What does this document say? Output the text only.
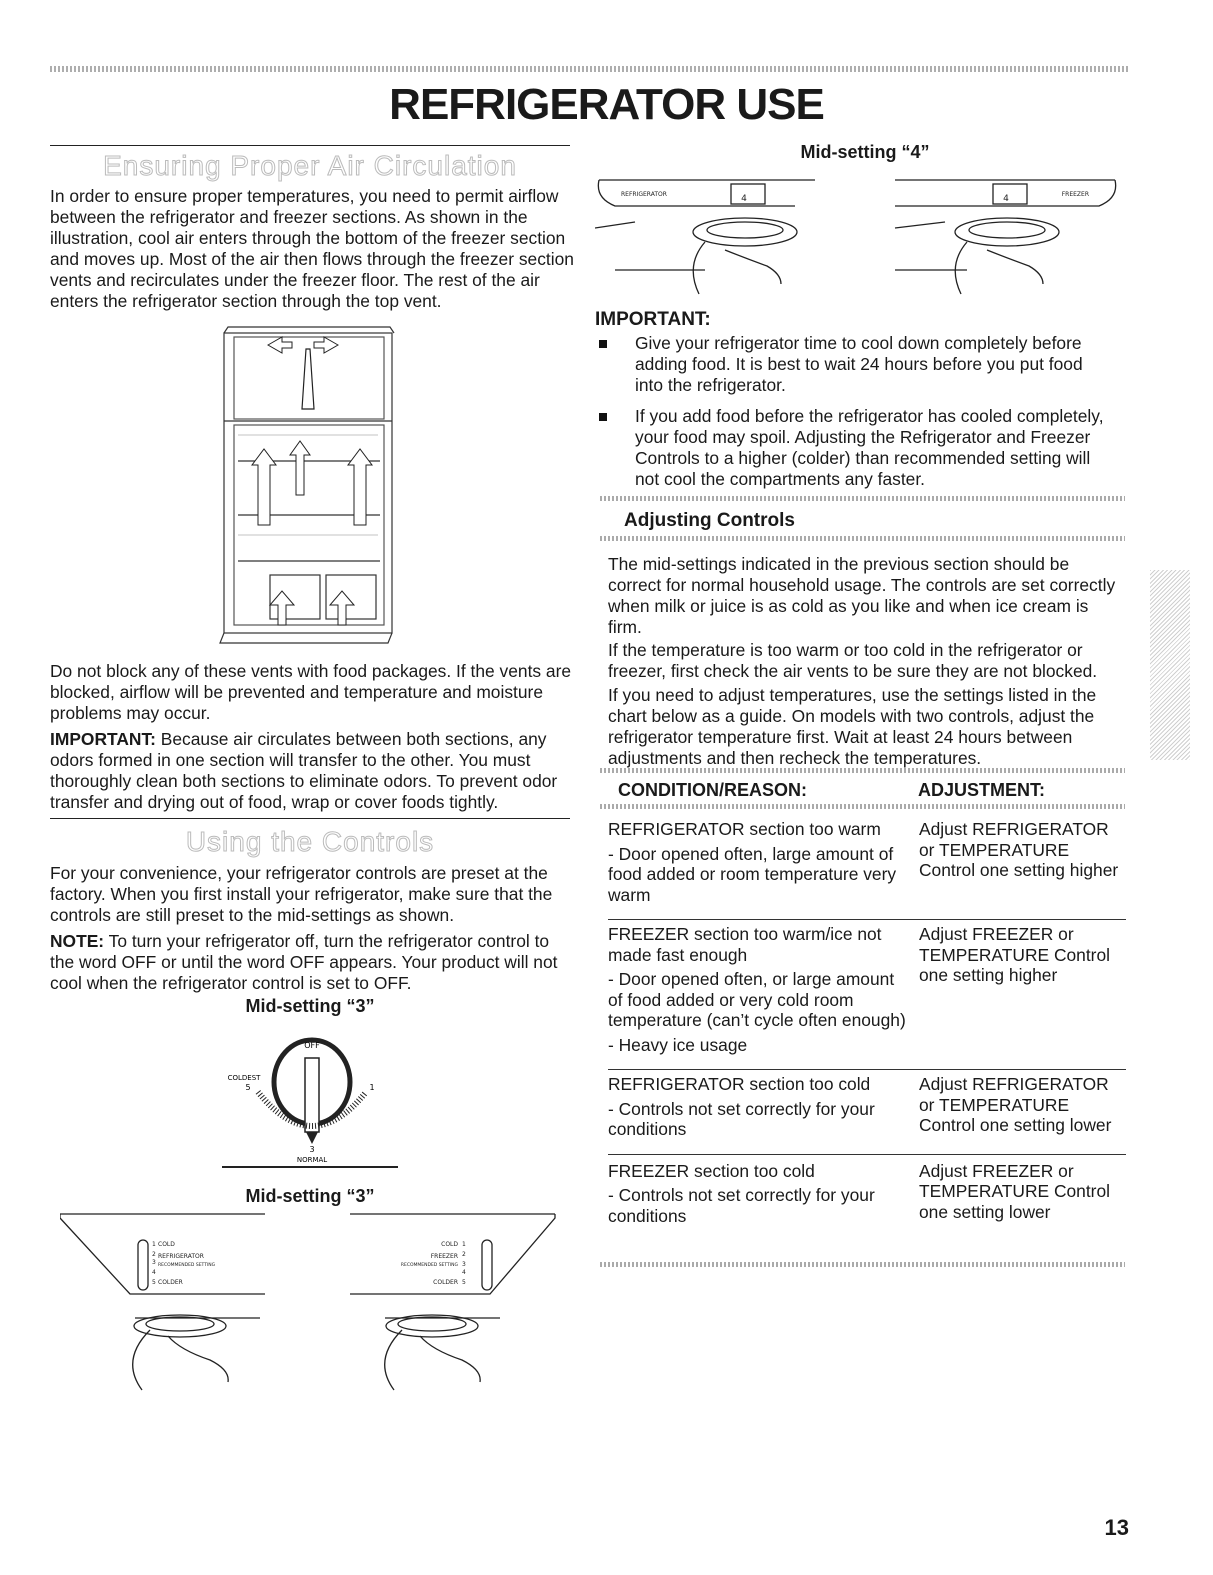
REFRIGERATOR USE
Ensuring Proper Air Circulation

In order to ensure proper temperatures, you need to permit airflow between the refrigerator and freezer sections. As shown in the illustration, cool air enters through the bottom of the freezer section and moves up. Most of the air then flows through the freezer section vents and recirculates under the freezer floor. The rest of the air enters the refrigerator section through the top vent.

Do not block any of these vents with food packages. If the vents are blocked, airflow will be prevented and temperature and moisture problems may occur.

IMPORTANT: Because air circulates between both sections, any odors formed in one section will transfer to the other. You must thoroughly clean both sections to eliminate odors. To prevent odor transfer and drying out of food, wrap or cover foods tightly.

Using the Controls

For your convenience, your refrigerator controls are preset at the factory. When you first install your refrigerator, make sure that the controls are still preset to the mid-settings as shown.

NOTE: To turn your refrigerator off, turn the refrigerator control to the word OFF or until the word OFF appears. Your product will not cool when the refrigerator control is set to OFF.

Mid-setting “3”
OFF
COLDEST
5	1
3
NORMAL
Mid-setting “3”
1 COLD
2 REFRIGERATOR
3 RECOMMENDED SETTING
4
5 COLDER
COLD 1
2
FREEZER
RECOMMENDED SETTING 3
4
COLDER 5
Mid-setting “4”
REFRIGERATOR	4	FREEZER
4
IMPORTANT:
Give your refrigerator time to cool down completely before adding food. It is best to wait 24 hours before you put food into the refrigerator.
If you add food before the refrigerator has cooled completely, your food may spoil. Adjusting the Refrigerator and Freezer Controls to a higher (colder) than recommended setting will not cool the compartments any faster.
Adjusting Controls

The mid-settings indicated in the previous section should be correct for normal household usage. The controls are set correctly when milk or juice is as cold as you like and when ice cream is firm.

If the temperature is too warm or too cold in the refrigerator or freezer, first check the air vents to be sure they are not blocked.

If you need to adjust temperatures, use the settings listed in the chart below as a guide. On models with two controls, adjust the refrigerator temperature first. Wait at least 24 hours between adjustments and then recheck the temperatures.

CONDITION/REASON:	ADJUSTMENT:
REFRIGERATOR section too warm
- Door opened often, large amount of food added or room temperature very warm	Adjust REFRIGERATOR or TEMPERATURE Control one setting higher

FREEZER section too warm/ice not made fast enough
- Door opened often, or large amount of food added or very cold room temperature (can’t cycle often enough)
- Heavy ice usage	Adjust FREEZER or TEMPERATURE Control one setting higher

REFRIGERATOR section too cold
- Controls not set correctly for your conditions	Adjust REFRIGERATOR or TEMPERATURE Control one setting lower

FREEZER section too cold
- Controls not set correctly for your conditions	Adjust FREEZER or TEMPERATURE Control one setting lower
13
